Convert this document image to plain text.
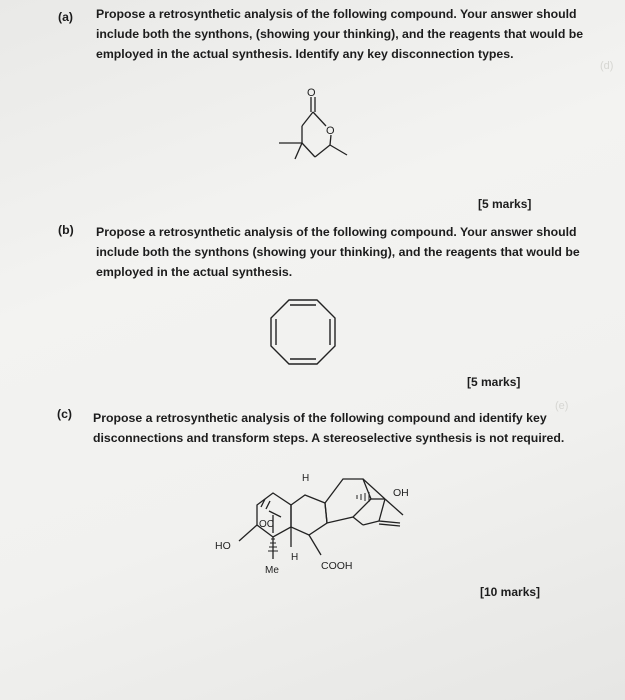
(d)
(e)
(a) Propose a retrosynthetic analysis of the following compound. Your answer should
include both the synthons, (showing your thinking), and the reagents that would be
employed in the actual synthesis. Identify any key disconnection types.
O
O
[5 marks]
(b) Propose a retrosynthetic analysis of the following compound. Your answer should
include both the synthons (showing your thinking), and the reagents that would be
employed in the actual synthesis.
[5 marks]
(c) Propose a retrosynthetic analysis of the following compound and identify key
disconnections and transform steps. A stereoselective synthesis is not required.
H
OH
OC
HO
H
Me	COOH
[10 marks]
